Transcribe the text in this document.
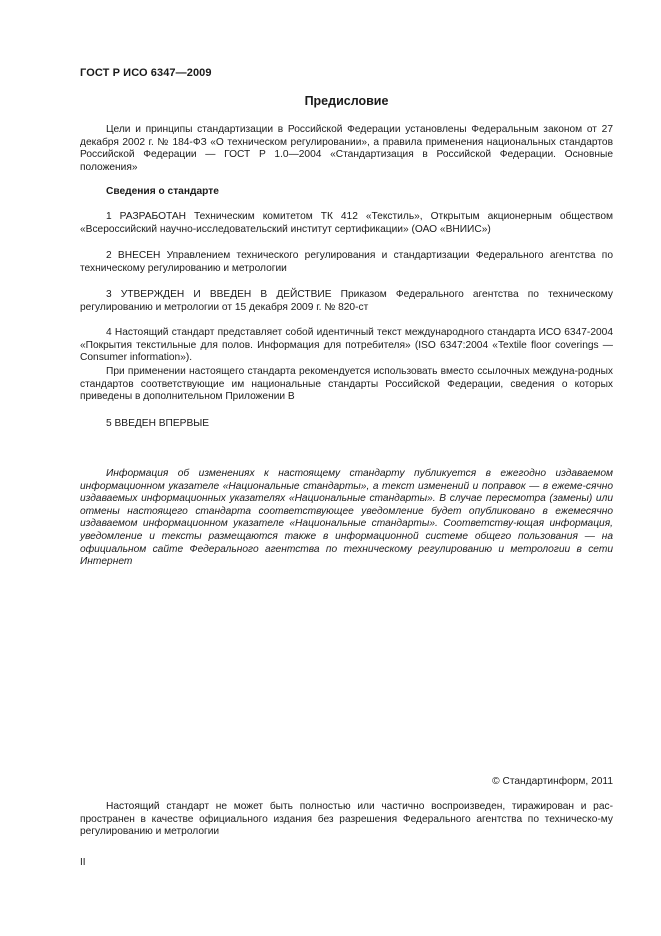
ГОСТ Р ИСО 6347—2009
Предисловие

Цели и принципы стандартизации в Российской Федерации установлены Федеральным законом от 27 декабря 2002 г. № 184-ФЗ «О техническом регулировании», а правила применения национальных стандартов Российской Федерации — ГОСТ Р 1.0—2004 «Стандартизация в Российской Федерации. Основные положения»

Сведения о стандарте

1 РАЗРАБОТАН Техническим комитетом ТК 412 «Текстиль», Открытым акционерным обществом «Всероссийский научно-исследовательский институт сертификации» (ОАО «ВНИИС»)

2 ВНЕСЕН Управлением технического регулирования и стандартизации Федерального агентства по техническому регулированию и метрологии

3 УТВЕРЖДЕН И ВВЕДЕН В ДЕЙСТВИЕ Приказом Федерального агентства по техническому регулированию и метрологии от 15 декабря 2009 г. № 820-ст

4 Настоящий стандарт представляет собой идентичный текст международного стандарта ИСО 6347-2004 «Покрытия текстильные для полов. Информация для потребителя» (ISO 6347:2004 «Textile floor coverings — Consumer information»).

При применении настоящего стандарта рекомендуется использовать вместо ссылочных междуна-родных стандартов соответствующие им национальные стандарты Российской Федерации, сведения о которых приведены в дополнительном Приложении В

5 ВВЕДЕН ВПЕРВЫЕ

Информация об изменениях к настоящему стандарту публикуется в ежегодно издаваемом информационном указателе «Национальные стандарты», а текст изменений и поправок — в ежеме-сячно издаваемых информационных указателях «Национальные стандарты». В случае пересмотра (замены) или отмены настоящего стандарта соответствующее уведомление будет опубликовано в ежемесячно издаваемом информационном указателе «Национальные стандарты». Соответству-ющая информация, уведомление и тексты размещаются также в информационной системе общего пользования — на официальном сайте Федерального агентства по техническому регулированию и метрологии в сети Интернет

© Стандартинформ, 2011

Настоящий стандарт не может быть полностью или частично воспроизведен, тиражирован и рас-пространен в качестве официального издания без разрешения Федерального агентства по техническо-му регулированию и метрологии

II
